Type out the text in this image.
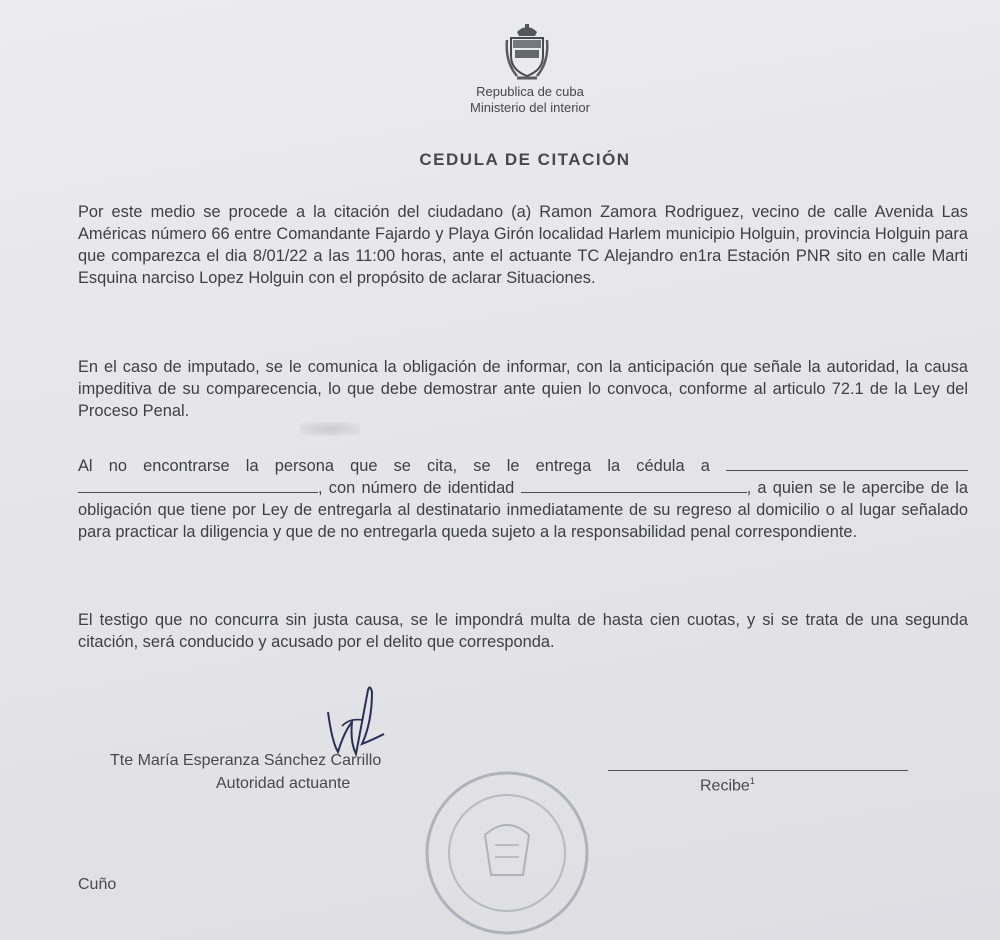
Republica de cuba
Ministerio del interior
CEDULA DE CITACIÓN

Por este medio se procede a la citación del ciudadano (a) Ramon Zamora Rodriguez, vecino de calle Avenida Las Américas número 66 entre Comandante Fajardo y Playa Girón localidad Harlem municipio Holguin, provincia Holguin para que comparezca el dia 8/01/22 a las 11:00 horas, ante el actuante TC Alejandro en1ra Estación PNR sito en calle Marti Esquina narciso Lopez Holguin con el propósito de aclarar Situaciones.

En el caso de imputado, se le comunica la obligación de informar, con la anticipación que señale la autoridad, la causa impeditiva de su comparecencia, lo que debe demostrar ante quien lo convoca, conforme al articulo 72.1 de la Ley del Proceso Penal.

Al no encontrarse la persona que se cita, se le entrega la cédula a  , con número de identidad	, a quien se le apercibe de la obligación que tiene por Ley de entregarla al destinatario inmediatamente de su regreso al domicilio o al lugar señalado para practicar la diligencia y que de no entregarla queda sujeto a la responsabilidad penal correspondiente.

El testigo que no concurra sin justa causa, se le impondrá multa de hasta cien cuotas, y si se trata de una segunda citación, será conducido y acusado por el delito que corresponda.

Tte María Esperanza Sánchez Carrillo
Autoridad actuante	Recibe$^1$
Cuño
